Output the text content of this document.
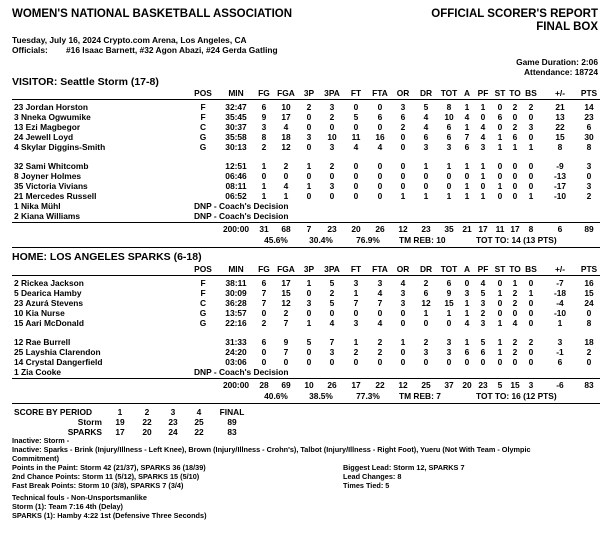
WOMEN'S NATIONAL BASKETBALL ASSOCIATION	OFFICIAL SCORER'S REPORT
FINAL BOX
Tuesday, July 16, 2024 Crypto.com Arena, Los Angeles, CA
Officials: #16 Isaac Barnett, #32 Agon Abazi, #24 Gerda Gatling
Game Duration: 2:06
Attendance: 18724
VISITOR: Seattle Storm (17-8)
POS MIN FG FGA 3P 3PA FT FTA OR DR TOT A PF ST TO BS +/- PTS
23 Jordan Horston	F 32:47 6 10 2 3 0 0 3 5 8 1 1 0 2 2	21 14
3 Nneka Ogwumike	F 35:45 9 17 0 2 5 6 6 4 10 4 0 6 0 0	13 23
13 Ezi Magbegor	C 30:37 3 4 0 0 0 0 2 4 6 1 4 0 2 3	22	6
24 Jewell Loyd	G 35:58 8 18 3 10 11 16 0 6 6 7 4 1 6 0	15 30
4 Skylar Diggins-Smith	G 30:13 2 12 0 3 4 4 0 3 3 6 3 1 1 1	8	8
32 Sami Whitcomb	12:51 1 2 1 2 0 0 0 1 1 1 1 0 0 0	-9	3
8 Joyner Holmes	06:46 0 0 0 0 0 0 0 0 0 0 1 0 0 0 -13 0
35 Victoria Vivians	08:11 1 4 1 3 0 0 0 0 0 1 0 1 0 0 -17 3
21 Mercedes Russell	06:52 1 1 0 0 0 0 1 1 1 1 1 0 0 1 -10 2
1 Nika Mühl	DNP - Coach's Decision
2 Kiana Williams	DNP - Coach's Decision
200:00 31 68 7 23 20 26 12 23 35 21 17 11 17 8	6	89
45.6%	30.4%	76.9% TM REB: 10	TOT TO: 14 (13 PTS)
HOME: LOS ANGELES SPARKS (6-18)
POS MIN FG FGA 3P 3PA FT FTA OR DR TOT A PF ST TO BS +/- PTS
2 Rickea Jackson	F 38:11 6 17 1 5 3 3 4 2 6 0 4 0 1 0	-7 16
5 Dearica Hamby	F 30:09 7 15 0 2 1 4 3 6 9 3 5 1 2 1 -18 15
23 Azurá Stevens	C 36:28 7 12 3 5 7 7 3 12 15 1 3 0 2 0	-4 24
10 Kia Nurse	G 13:57 0 2 0 0 0 0 0 1 1 1 2 0 0 0 -10 0
15 Aari McDonald	G 22:16 2 7 1 4 3 4 0 0 0 4 3 1 4 0	1	8
12 Rae Burrell	31:33 6 9 5 7 1 2 1 2 3 1 5 1 2 2	3	18
25 Layshia Clarendon	24:20 0 7 0 3 2 2 0 3 3 6 6 1 2 0	-1	2
14 Crystal Dangerfield	03:06 0 0 0 0 0 0 0 0 0 0 0 0 0 0	6	0
1 Zia Cooke	DNP - Coach's Decision
200:00 28 69 10 26 17 22 12 25 37 20 23 5 15 3	-6 83
40.6%	38.5%	77.3% TM REB: 7	TOT TO: 16 (12 PTS)
SCORE BY PERIOD	1	2	3	4 FINAL
Storm 19 22 23 25	89
SPARKS 17 20 24 22	83
Inactive: Storm -
Inactive: Sparks - Brink (Injury/Illness - Left Knee), Brown (Injury/Illness - Crohn's), Talbot (Injury/Illness - Right Foot), Yueru (Not With Team - Olympic
Commitment)
Points in the Paint: Storm 42 (21/37), SPARKS 36 (18/39)
2nd Chance Points: Storm 11 (5/12), SPARKS 15 (5/10)
Fast Break Points: Storm 10 (3/8), SPARKS 7 (3/4)
Biggest Lead: Storm 12, SPARKS 7
Lead Changes: 8
Times Tied: 5
Technical fouls - Non-Unsportsmanlike
Storm (1): Team 7:16 4th (Delay)
SPARKS (1): Hamby 4:22 1st (Defensive Three Seconds)
